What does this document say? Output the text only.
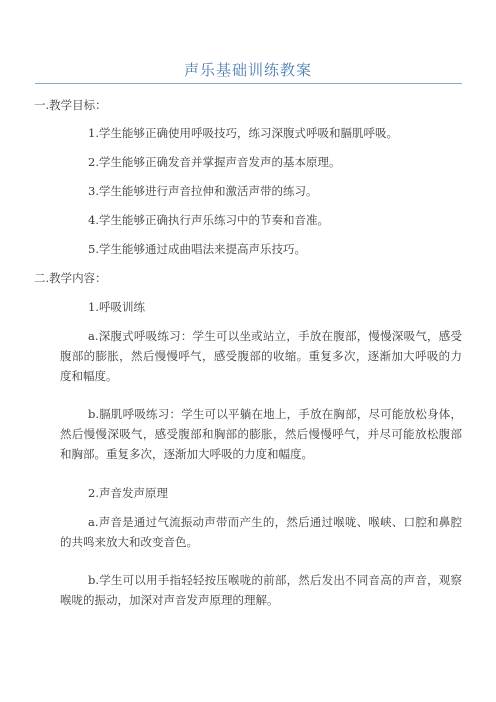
声乐基础训练教案

一.教学目标：

1.学生能够正确使用呼吸技巧，练习深腹式呼吸和膈肌呼吸。

2.学生能够正确发音并掌握声音发声的基本原理。

3.学生能够进行声音拉伸和激活声带的练习。

4.学生能够正确执行声乐练习中的节奏和音准。

5.学生能够通过成曲唱法来提高声乐技巧。

二.教学内容：

1.呼吸训练

a.深腹式呼吸练习：学生可以坐或站立，手放在腹部，慢慢深吸气，感受腹部的膨胀，然后慢慢呼气，感受腹部的收缩。重复多次，逐渐加大呼吸的力度和幅度。

b.膈肌呼吸练习：学生可以平躺在地上，手放在胸部，尽可能放松身体，然后慢慢深吸气，感受腹部和胸部的膨胀，然后慢慢呼气，并尽可能放松腹部和胸部。重复多次，逐渐加大呼吸的力度和幅度。

2.声音发声原理

a.声音是通过气流振动声带而产生的，然后通过喉咙、喉峡、口腔和鼻腔的共鸣来放大和改变音色。

b.学生可以用手指轻轻按压喉咙的前部，然后发出不同音高的声音，观察喉咙的振动，加深对声音发声原理的理解。
